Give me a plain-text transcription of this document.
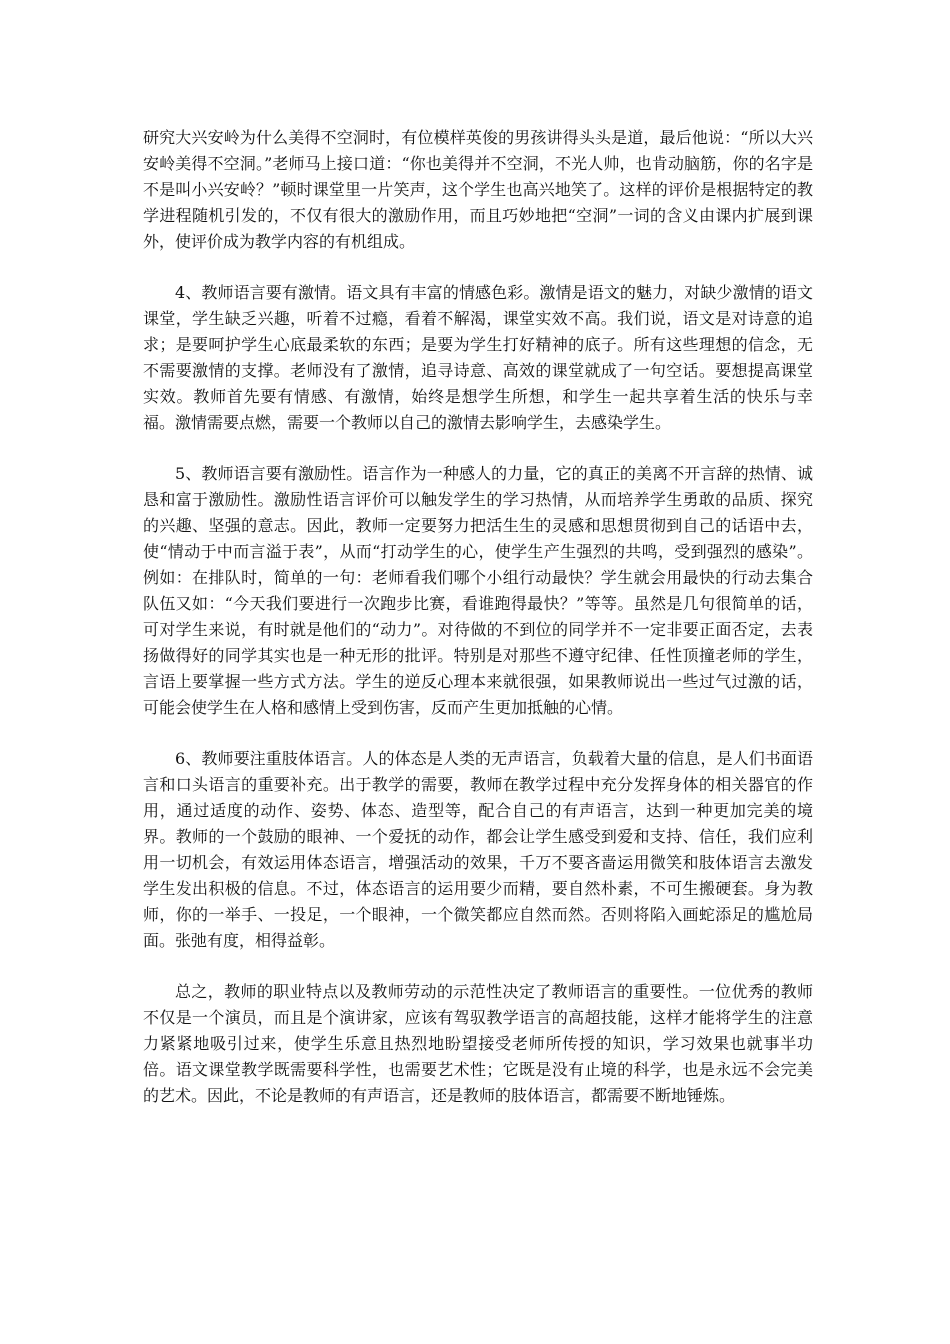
研究大兴安岭为什么美得不空洞时，有位模样英俊的男孩讲得头头是道，最后他说：“所以大兴安岭美得不空洞。”老师马上接口道：“你也美得并不空洞，不光人帅，也肯动脑筋，你的名字是不是叫小兴安岭？”顿时课堂里一片笑声，这个学生也高兴地笑了。这样的评价是根据特定的教学进程随机引发的，不仅有很大的激励作用，而且巧妙地把“空洞”一词的含义由课内扩展到课外，使评价成为教学内容的有机组成。

4、教师语言要有激情。语文具有丰富的情感色彩。激情是语文的魅力，对缺少激情的语文课堂，学生缺乏兴趣，听着不过瘾，看着不解渴，课堂实效不高。我们说，语文是对诗意的追求；是要呵护学生心底最柔软的东西；是要为学生打好精神的底子。所有这些理想的信念，无不需要激情的支撑。老师没有了激情，追寻诗意、高效的课堂就成了一句空话。要想提高课堂实效。教师首先要有情感、有激情，始终是想学生所想，和学生一起共享着生活的快乐与幸福。激情需要点燃，需要一个教师以自己的激情去影响学生，去感染学生。

5、教师语言要有激励性。语言作为一种感人的力量，它的真正的美离不开言辞的热情、诚恳和富于激励性。激励性语言评价可以触发学生的学习热情，从而培养学生勇敢的品质、探究的兴趣、坚强的意志。因此，教师一定要努力把活生生的灵感和思想贯彻到自己的话语中去，使“情动于中而言溢于表”，从而“打动学生的心，使学生产生强烈的共鸣，受到强烈的感染”。例如：在排队时，简单的一句：老师看我们哪个小组行动最快？学生就会用最快的行动去集合队伍又如：“今天我们要进行一次跑步比赛，看谁跑得最快？”等等。虽然是几句很简单的话，可对学生来说，有时就是他们的“动力”。对待做的不到位的同学并不一定非要正面否定，去表扬做得好的同学其实也是一种无形的批评。特别是对那些不遵守纪律、任性顶撞老师的学生，言语上要掌握一些方式方法。学生的逆反心理本来就很强，如果教师说出一些过气过激的话，可能会使学生在人格和感情上受到伤害，反而产生更加抵触的心情。

6、教师要注重肢体语言。人的体态是人类的无声语言，负载着大量的信息，是人们书面语言和口头语言的重要补充。出于教学的需要，教师在教学过程中充分发挥身体的相关器官的作用，通过适度的动作、姿势、体态、造型等，配合自己的有声语言，达到一种更加完美的境界。教师的一个鼓励的眼神、一个爱抚的动作，都会让学生感受到爱和支持、信任，我们应利用一切机会，有效运用体态语言，增强活动的效果，千万不要吝啬运用微笑和肢体语言去激发学生发出积极的信息。不过，体态语言的运用要少而精，要自然朴素，不可生搬硬套。身为教师，你的一举手、一投足，一个眼神，一个微笑都应自然而然。否则将陷入画蛇添足的尴尬局面。张弛有度，相得益彰。

总之，教师的职业特点以及教师劳动的示范性决定了教师语言的重要性。一位优秀的教师不仅是一个演员，而且是个演讲家，应该有驾驭教学语言的高超技能，这样才能将学生的注意力紧紧地吸引过来，使学生乐意且热烈地盼望接受老师所传授的知识，学习效果也就事半功倍。语文课堂教学既需要科学性，也需要艺术性；它既是没有止境的科学，也是永远不会完美的艺术。因此，不论是教师的有声语言，还是教师的肢体语言，都需要不断地锤炼。
